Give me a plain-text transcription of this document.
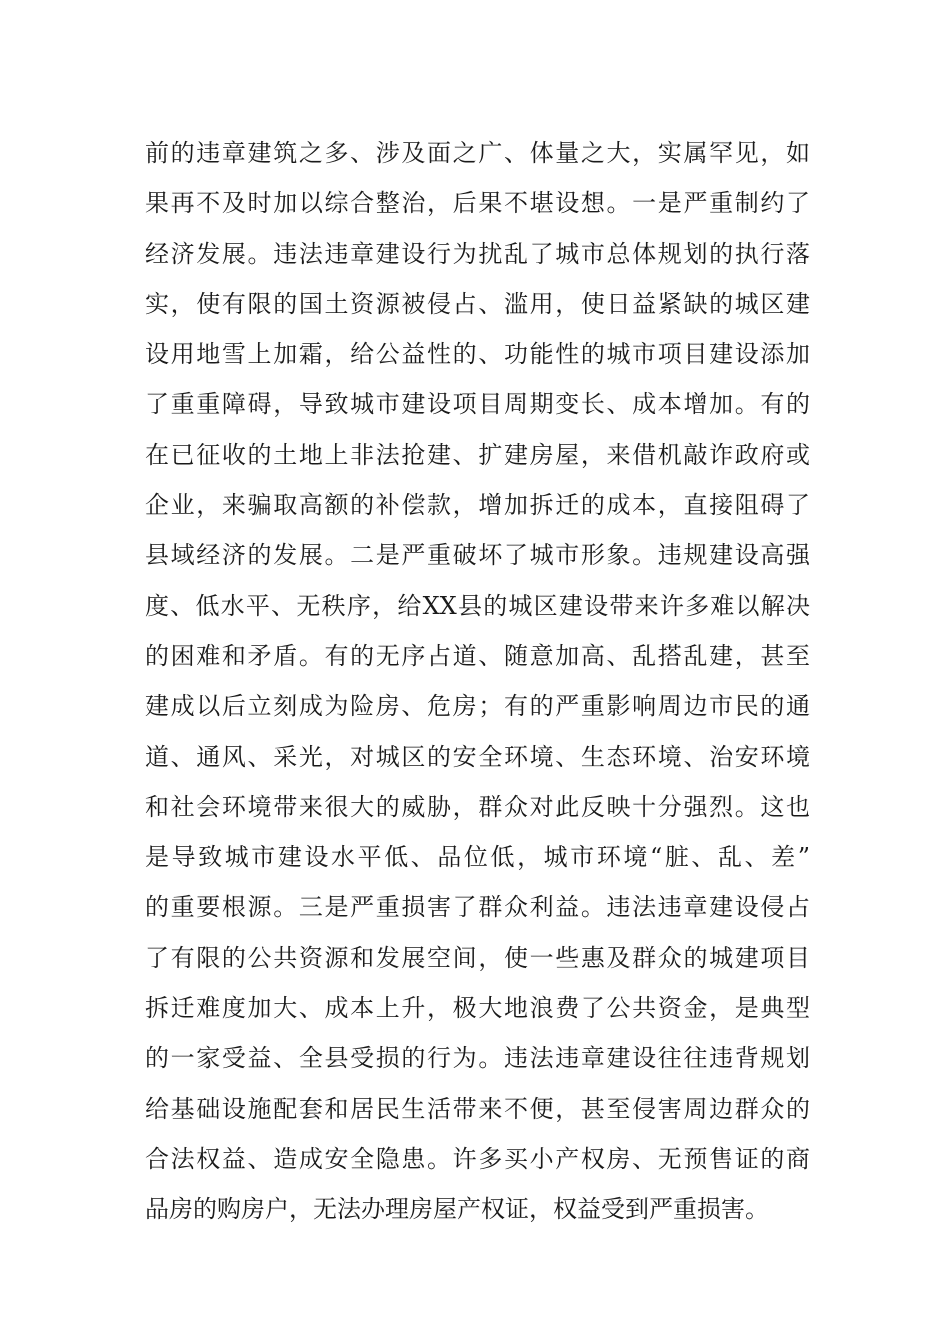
前的违章建筑之多、涉及面之广、体量之大，实属罕见，如
果再不及时加以综合整治，后果不堪设想。一是严重制约了
经济发展。违法违章建设行为扰乱了城市总体规划的执行落
实，使有限的国土资源被侵占、滥用，使日益紧缺的城区建
设用地雪上加霜，给公益性的、功能性的城市项目建设添加
了重重障碍，导致城市建设项目周期变长、成本增加。有的
在已征收的土地上非法抢建、扩建房屋，来借机敲诈政府或
企业，来骗取高额的补偿款，增加拆迁的成本，直接阻碍了
县域经济的发展。二是严重破坏了城市形象。违规建设高强
度、低水平、无秩序，给XX县的城区建设带来许多难以解决
的困难和矛盾。有的无序占道、随意加高、乱搭乱建，甚至
建成以后立刻成为险房、危房；有的严重影响周边市民的通
道、通风、采光，对城区的安全环境、生态环境、治安环境
和社会环境带来很大的威胁，群众对此反映十分强烈。这也
是导致城市建设水平低、品位低，城市环境“脏、乱、差”
的重要根源。三是严重损害了群众利益。违法违章建设侵占
了有限的公共资源和发展空间，使一些惠及群众的城建项目
拆迁难度加大、成本上升，极大地浪费了公共资金，是典型
的一家受益、全县受损的行为。违法违章建设往往违背规划
给基础设施配套和居民生活带来不便，甚至侵害周边群众的
合法权益、造成安全隐患。许多买小产权房、无预售证的商
品房的购房户，无法办理房屋产权证，权益受到严重损害。
